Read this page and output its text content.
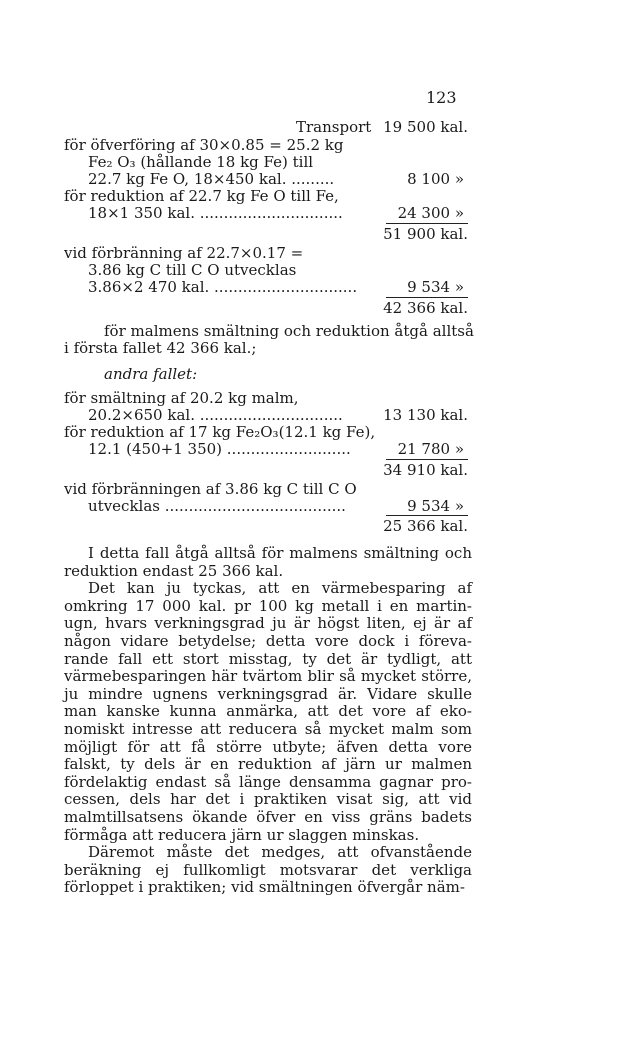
123
Transport 19 500 kal.
för öfverföring af 30×0.85 = 25.2 kg
Fe₂ O₃ (hållande 18 kg Fe) till
22.7 kg Fe O, 18×450 kal. .........	8 100 »
för reduktion af 22.7 kg Fe O till Fe,
18×1 350 kal. ..............................	24 300 »
51 900 kal.
vid förbränning af 22.7×0.17 =
3.86 kg C till C O utvecklas
3.86×2 470 kal. ..............................	9 534 »
42 366 kal.
för malmens smältning och reduktion åtgå alltså
i första fallet 42 366 kal.;
andra fallet:
för smältning af 20.2 kg malm,
20.2×650 kal. ..............................	13 130 kal.
för reduktion af 17 kg Fe₂O₃(12.1 kg Fe),
12.1 (450+1 350) ..........................	21 780 »
34 910 kal.
vid förbränningen af 3.86 kg C till C O
utvecklas ......................................	9 534 »
25 366 kal.

I detta fall åtgå alltså för malmens smältning och reduktion endast 25 366 kal.

Det kan ju tyckas, att en värmebesparing af omkring 17 000 kal. pr 100 kg metall i en martin-ugn, hvars verkningsgrad ju är högst liten, ej är af någon vidare betydelse; detta vore dock i föreva-rande fall ett stort misstag, ty det är tydligt, att värmebesparingen här tvärtom blir så mycket större, ju mindre ugnens verkningsgrad är. Vidare skulle man kanske kunna anmärka, att det vore af eko-nomiskt intresse att reducera så mycket malm som möjligt för att få större utbyte; äfven detta vore falskt, ty dels är en reduktion af järn ur malmen fördelaktig endast så länge densamma gagnar pro-cessen, dels har det i praktiken visat sig, att vid malmtillsatsens ökande öfver en viss gräns badets förmåga att reducera järn ur slaggen minskas.

Däremot måste det medges, att ofvanstående beräkning ej fullkomligt motsvarar det verkliga förloppet i praktiken; vid smältningen öfvergår näm-
